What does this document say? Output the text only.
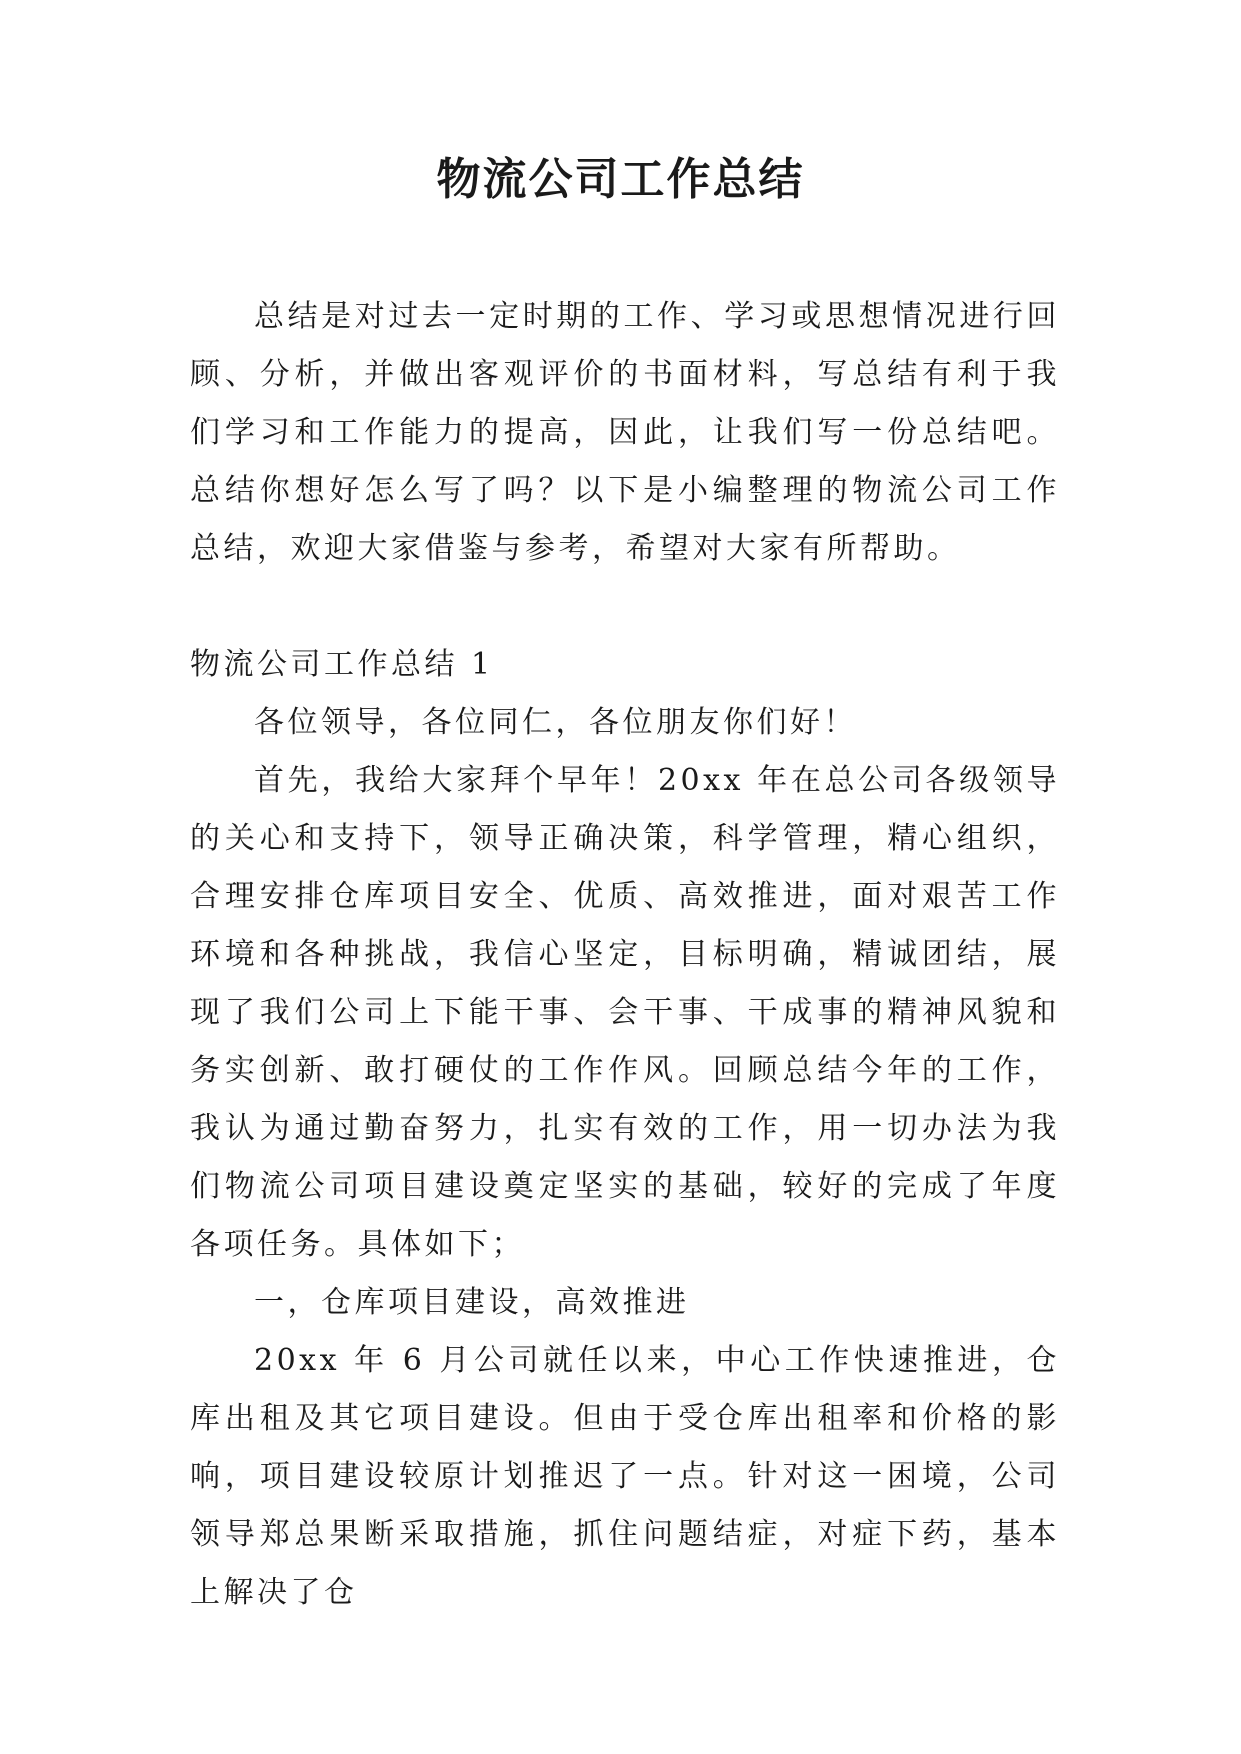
物流公司工作总结

总结是对过去一定时期的工作、学习或思想情况进行回顾、分析，并做出客观评价的书面材料，写总结有利于我们学习和工作能力的提高，因此，让我们写一份总结吧。总结你想好怎么写了吗？以下是小编整理的物流公司工作总结，欢迎大家借鉴与参考，希望对大家有所帮助。

物流公司工作总结 1

各位领导，各位同仁，各位朋友你们好！

首先，我给大家拜个早年！20xx 年在总公司各级领导的关心和支持下，领导正确决策，科学管理，精心组织，合理安排仓库项目安全、优质、高效推进，面对艰苦工作环境和各种挑战，我信心坚定，目标明确，精诚团结，展现了我们公司上下能干事、会干事、干成事的精神风貌和务实创新、敢打硬仗的工作作风。回顾总结今年的工作，我认为通过勤奋努力，扎实有效的工作，用一切办法为我们物流公司项目建设奠定坚实的基础，较好的完成了年度各项任务。具体如下；

一，仓库项目建设，高效推进

20xx 年 6 月公司就任以来，中心工作快速推进，仓库出租及其它项目建设。但由于受仓库出租率和价格的影响，项目建设较原计划推迟了一点。针对这一困境，公司领导郑总果断采取措施，抓住问题结症，对症下药，基本上解决了仓
